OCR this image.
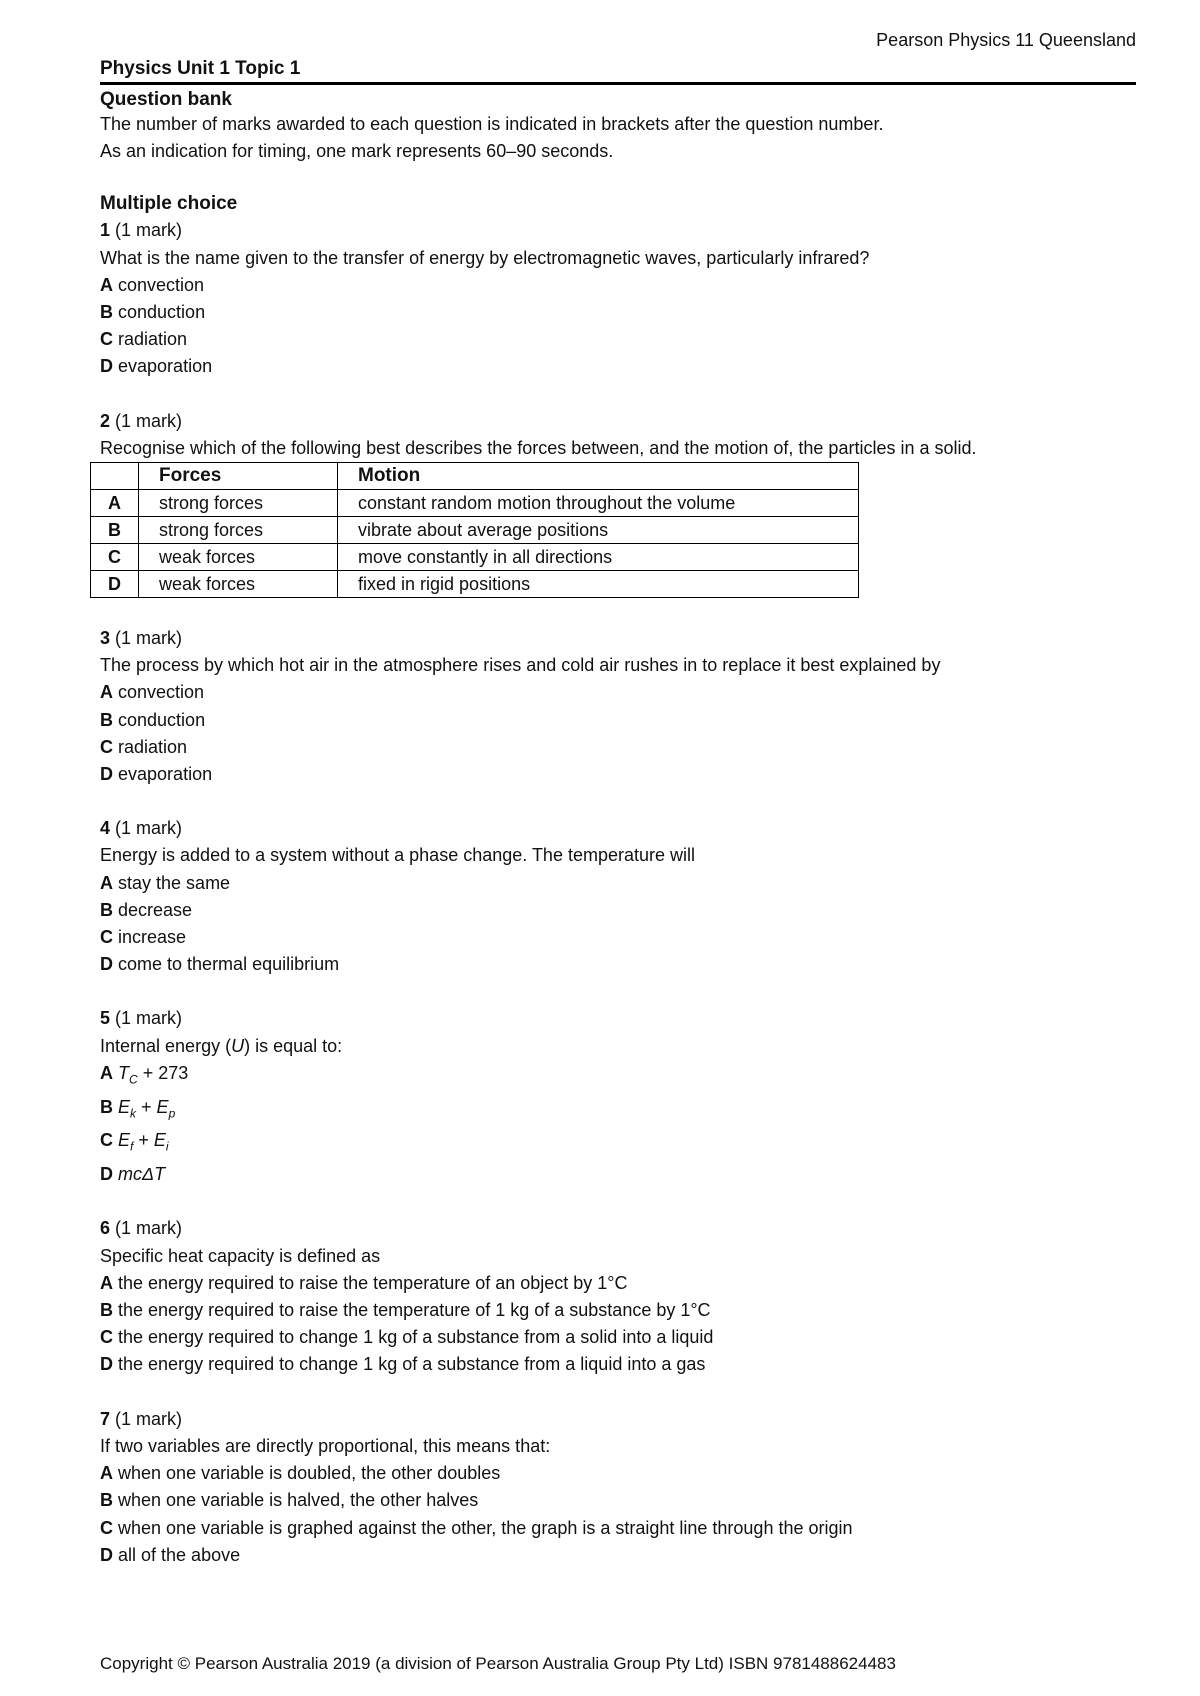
Pearson Physics 11 Queensland
Physics Unit 1 Topic 1
Question bank
The number of marks awarded to each question is indicated in brackets after the question number.
As an indication for timing, one mark represents 60–90 seconds.
Multiple choice
1 (1 mark)
What is the name given to the transfer of energy by electromagnetic waves, particularly infrared?
A convection
B conduction
C radiation
D evaporation
2 (1 mark)
Recognise which of the following best describes the forces between, and the motion of, the particles in a solid.
	Forces	Motion
A	strong forces	constant random motion throughout the volume
B	strong forces	vibrate about average positions
C	weak forces	move constantly in all directions
D	weak forces	fixed in rigid positions
3 (1 mark)
The process by which hot air in the atmosphere rises and cold air rushes in to replace it best explained by
A convection
B conduction
C radiation
D evaporation
4 (1 mark)
Energy is added to a system without a phase change. The temperature will
A stay the same
B decrease
C increase
D come to thermal equilibrium
5 (1 mark)
Internal energy (U) is equal to:
A $T_C + 273$
B $E_k + E_p$
C $E_f + E_i$
D mcΔT
6 (1 mark)
Specific heat capacity is defined as
A the energy required to raise the temperature of an object by 1°C
B the energy required to raise the temperature of 1 kg of a substance by 1°C
C the energy required to change 1 kg of a substance from a solid into a liquid
D the energy required to change 1 kg of a substance from a liquid into a gas
7 (1 mark)
If two variables are directly proportional, this means that:
A when one variable is doubled, the other doubles
B when one variable is halved, the other halves
C when one variable is graphed against the other, the graph is a straight line through the origin
D all of the above
Copyright © Pearson Australia 2019 (a division of Pearson Australia Group Pty Ltd) ISBN 9781488624483
